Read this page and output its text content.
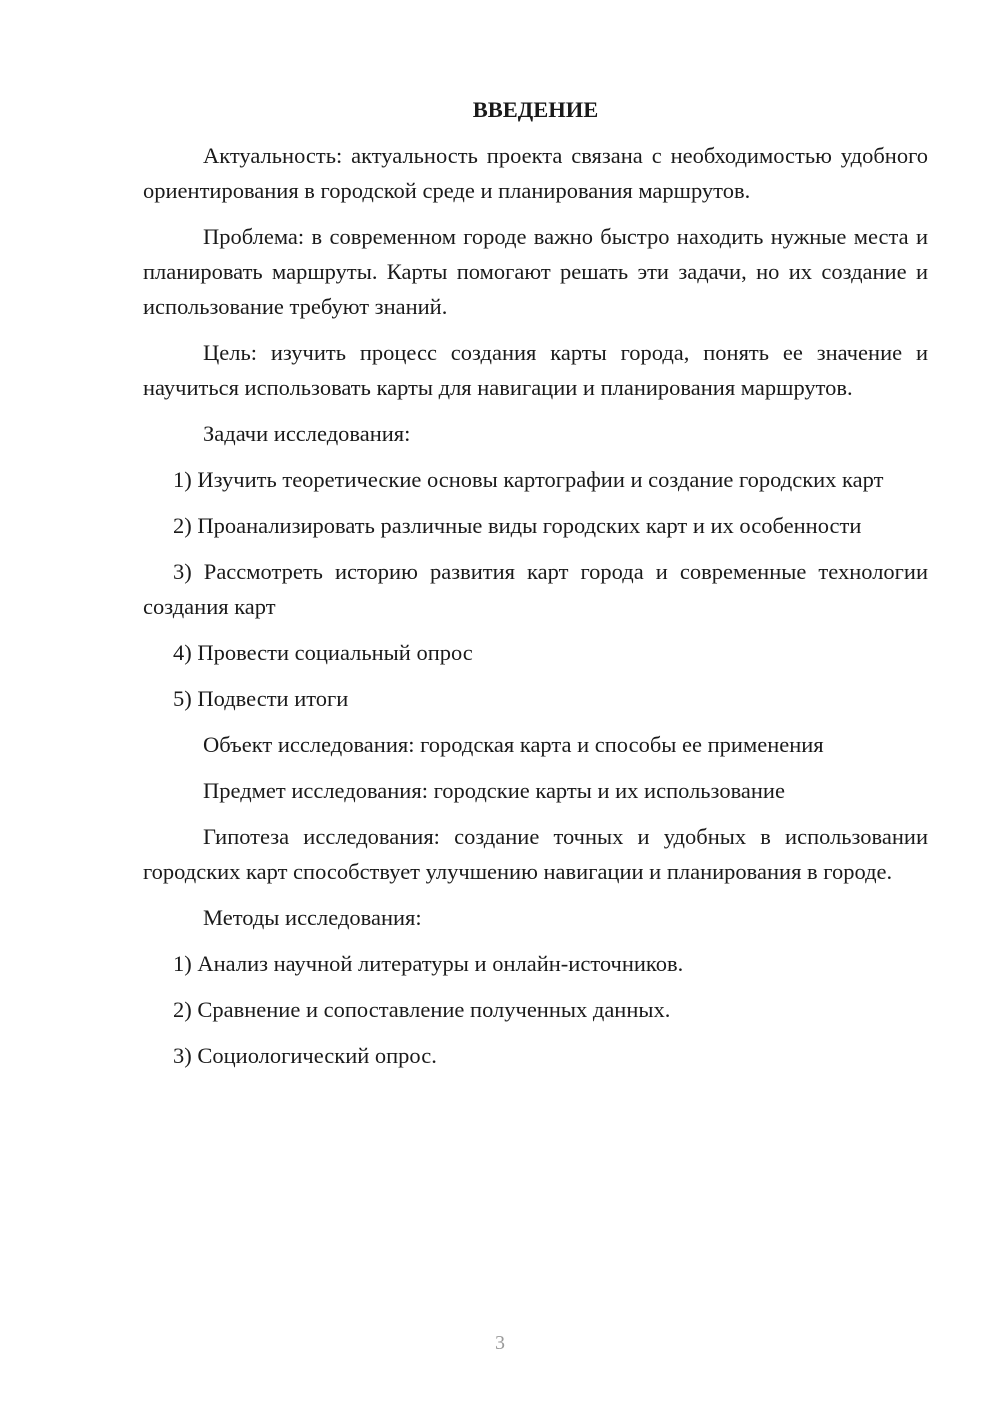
ВВЕДЕНИЕ

Актуальность: актуальность проекта связана с необходимостью удобного ориентирования в городской среде и планирования маршрутов.

Проблема: в современном городе важно быстро находить нужные места и планировать маршруты. Карты помогают решать эти задачи, но их создание и использование требуют знаний.

Цель: изучить процесс создания карты города, понять ее значение и научиться использовать карты для навигации и планирования маршрутов.

Задачи исследования:

1) Изучить теоретические основы картографии и создание городских карт

2) Проанализировать различные виды городских карт и их особенности

3) Рассмотреть историю развития карт города и современные технологии создания карт

4) Провести социальный опрос

5) Подвести итоги

Объект исследования: городская карта и способы ее применения

Предмет исследования: городские карты и их использование

Гипотеза исследования: создание точных и удобных в использовании городских карт способствует улучшению навигации и планирования в городе.

Методы исследования:

1) Анализ научной литературы и онлайн-источников.

2) Сравнение и сопоставление полученных данных.

3) Социологический опрос.

3
